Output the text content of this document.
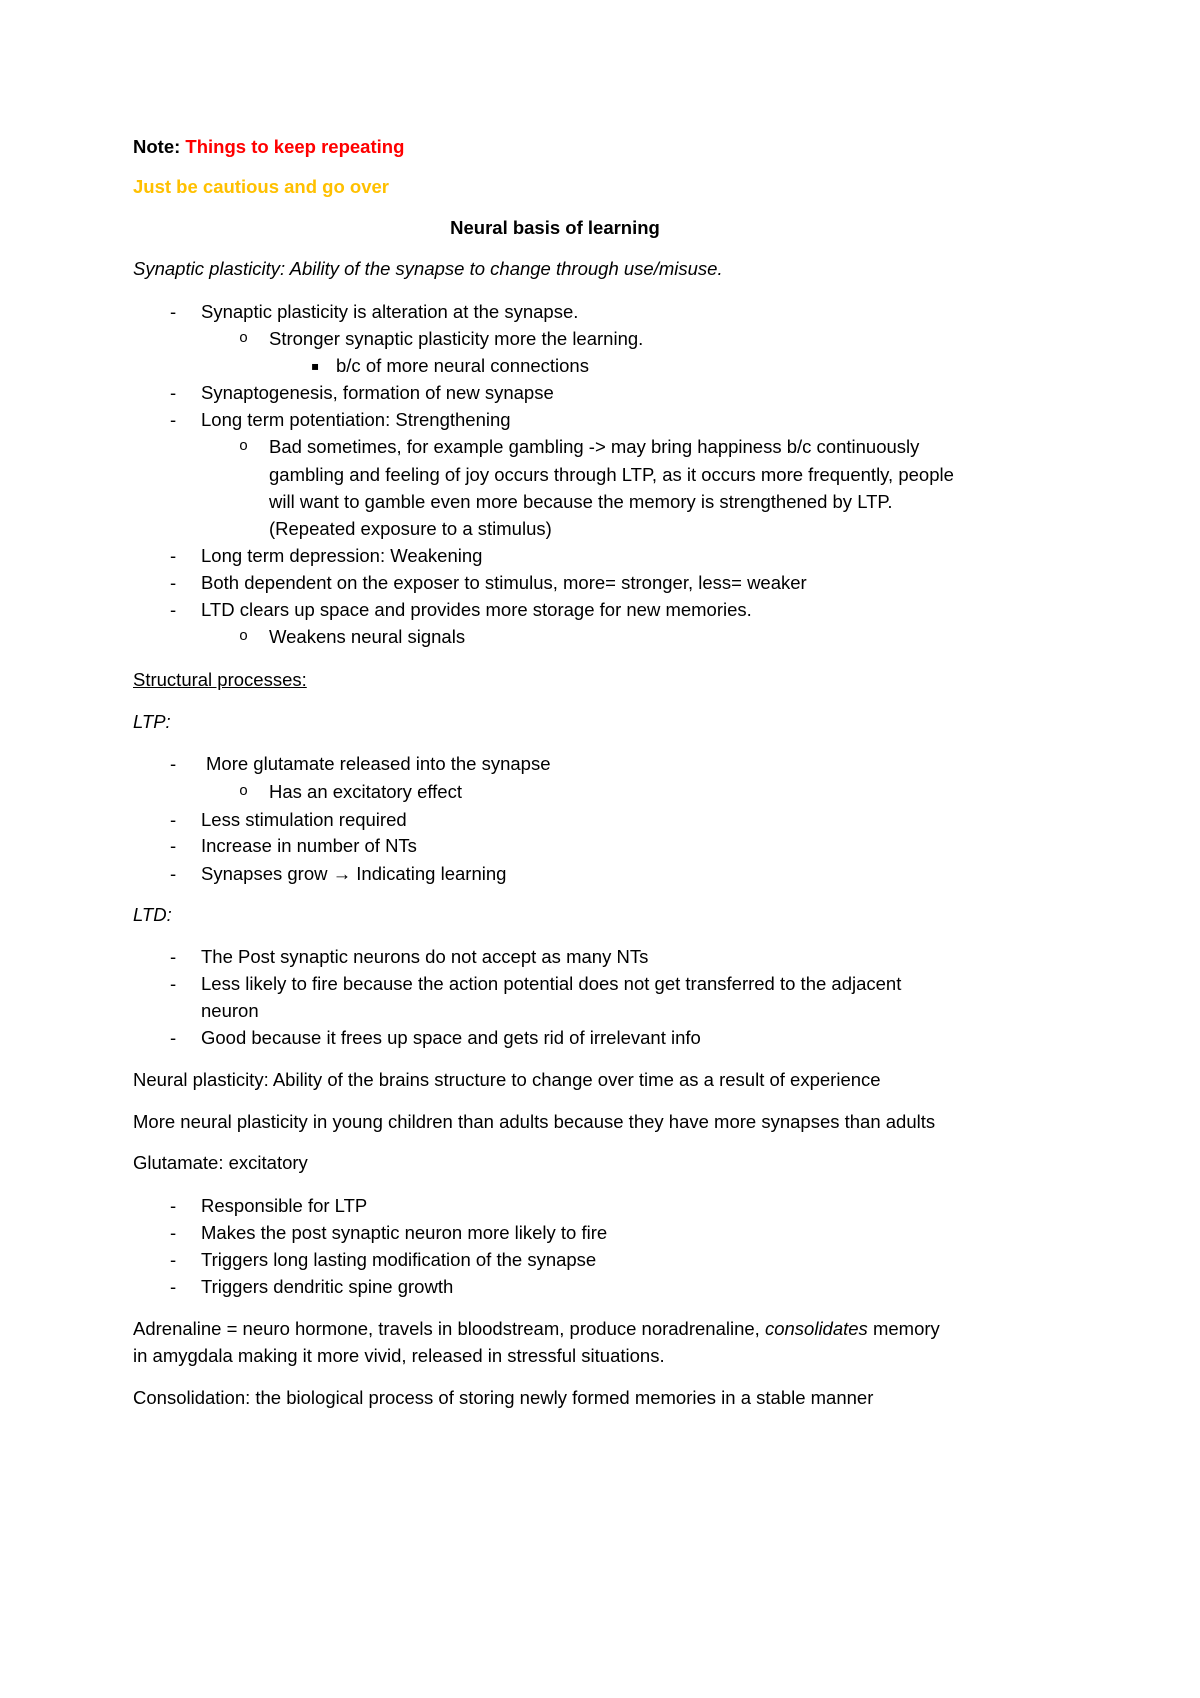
Note: Things to keep repeating

Just be cautious and go over

Neural basis of learning

Synaptic plasticity: Ability of the synapse to change through use/misuse.

-

Synaptic plasticity is alteration at the synapse.

o

Stronger synaptic plasticity more the learning.

▪

b/c of more neural connections

-

Synaptogenesis, formation of new synapse

-

Long term potentiation: Strengthening

o

Bad sometimes, for example gambling -> may bring happiness b/c continuously

gambling and feeling of joy occurs through LTP, as it occurs more frequently, people

will want to gamble even more because the memory is strengthened by LTP.

(Repeated exposure to a stimulus)

-

Long term depression: Weakening

-

Both dependent on the exposer to stimulus, more= stronger, less= weaker

-

LTD clears up space and provides more storage for new memories.

o

Weakens neural signals

Structural processes:

LTP:

-

More glutamate released into the synapse

o

Has an excitatory effect

-

Less stimulation required

-

Increase in number of NTs

-

Synapses grow → Indicating learning

LTD:

-

The Post synaptic neurons do not accept as many NTs

-

Less likely to fire because the action potential does not get transferred to the adjacent

neuron

-

Good because it frees up space and gets rid of irrelevant info

Neural plasticity: Ability of the brains structure to change over time as a result of experience

More neural plasticity in young children than adults because they have more synapses than adults

Glutamate: excitatory

-

Responsible for LTP

-

Makes the post synaptic neuron more likely to fire

-

Triggers long lasting modification of the synapse

-

Triggers dendritic spine growth

Adrenaline = neuro hormone, travels in bloodstream, produce noradrenaline, consolidates memory

in amygdala making it more vivid, released in stressful situations.

Consolidation: the biological process of storing newly formed memories in a stable manner
